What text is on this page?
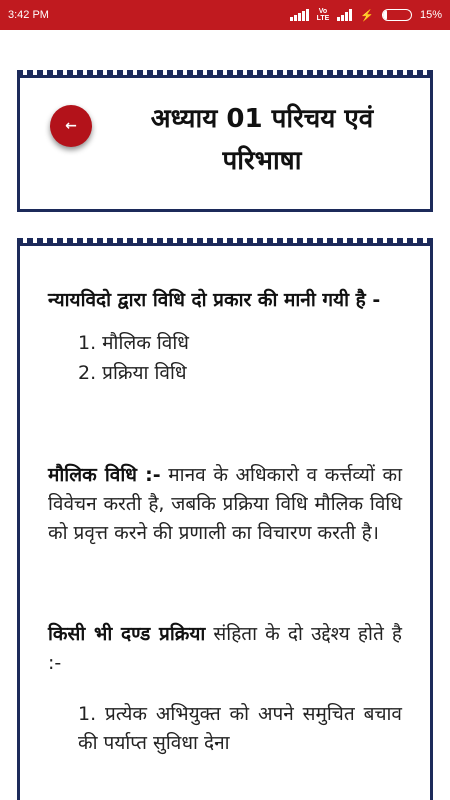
3:42 PM	Vo
LTE	⚡	15%
←	अध्याय 01 परिचय एवं परिभाषा

न्यायविदो द्वारा विधि दो प्रकार की मानी गयी है -

1. मौलिक विधि
2. प्रक्रिया विधि

मौलिक विधि :- मानव के अधिकारो व कर्त्तव्यों का विवेचन करती है, जबकि प्रक्रिया विधि मौलिक विधि को प्रवृत्त करने की प्रणाली का विचारण करती है।

किसी भी दण्ड प्रक्रिया संहिता के दो उद्देश्य होते है :-

1. प्रत्येक अभियुक्त को अपने समुचित बचाव की पर्याप्त सुविधा देना
